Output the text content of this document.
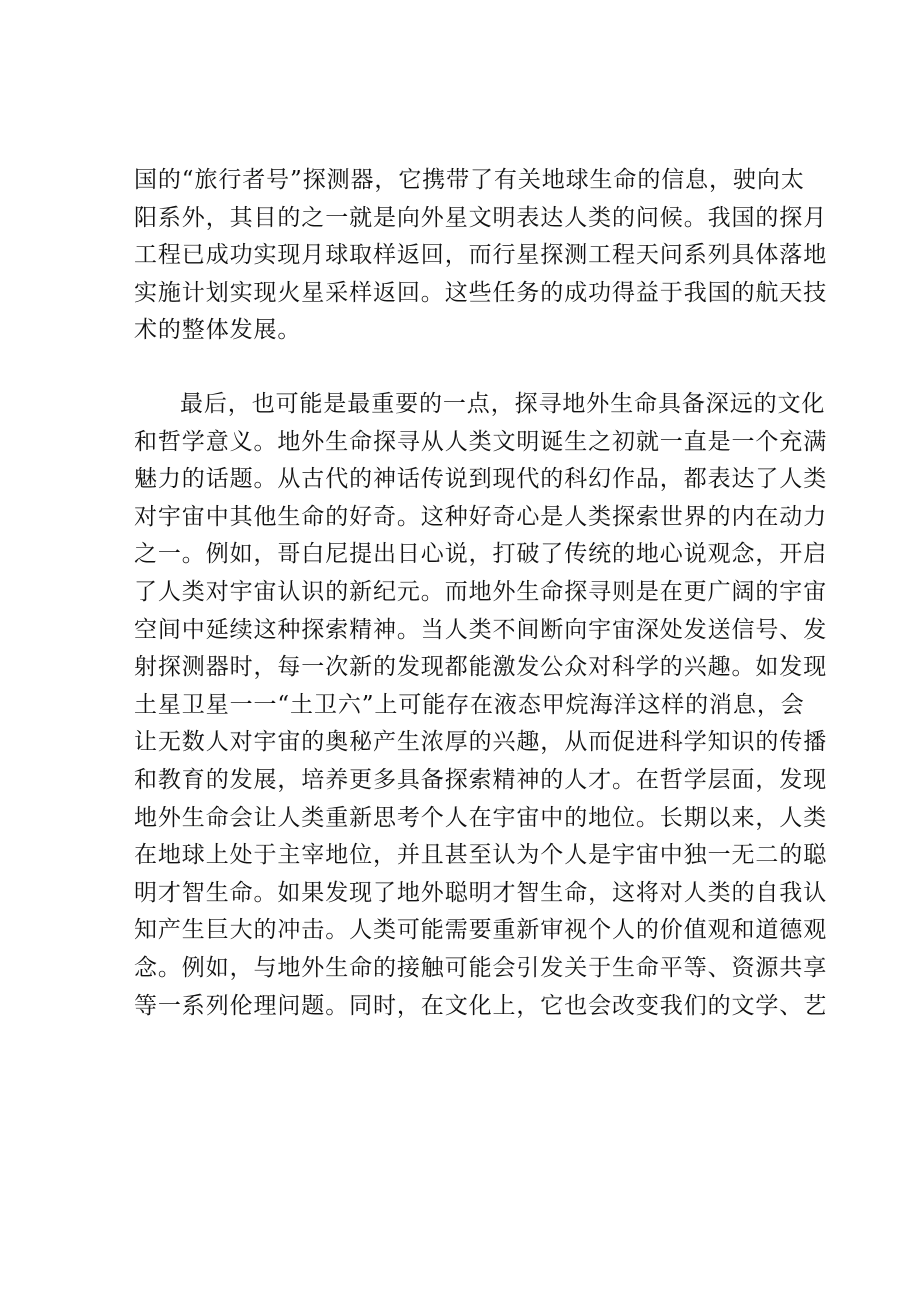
国的“旅行者号”探测器，它携带了有关地球生命的信息，驶向太
阳系外，其目的之一就是向外星文明表达人类的问候。我国的探月
工程已成功实现月球取样返回，而行星探测工程天问系列具体落地
实施计划实现火星采样返回。这些任务的成功得益于我国的航天技
术的整体发展。
最后，也可能是最重要的一点，探寻地外生命具备深远的文化
和哲学意义。地外生命探寻从人类文明诞生之初就一直是一个充满
魅力的话题。从古代的神话传说到现代的科幻作品，都表达了人类
对宇宙中其他生命的好奇。这种好奇心是人类探索世界的内在动力
之一。例如，哥白尼提出日心说，打破了传统的地心说观念，开启
了人类对宇宙认识的新纪元。而地外生命探寻则是在更广阔的宇宙
空间中延续这种探索精神。当人类不间断向宇宙深处发送信号、发
射探测器时，每一次新的发现都能激发公众对科学的兴趣。如发现
土星卫星一一“土卫六”上可能存在液态甲烷海洋这样的消息，会
让无数人对宇宙的奥秘产生浓厚的兴趣，从而促进科学知识的传播
和教育的发展，培养更多具备探索精神的人才。在哲学层面，发现
地外生命会让人类重新思考个人在宇宙中的地位。长期以来，人类
在地球上处于主宰地位，并且甚至认为个人是宇宙中独一无二的聪
明才智生命。如果发现了地外聪明才智生命，这将对人类的自我认
知产生巨大的冲击。人类可能需要重新审视个人的价值观和道德观
念。例如，与地外生命的接触可能会引发关于生命平等、资源共享
等一系列伦理问题。同时，在文化上，它也会改变我们的文学、艺
